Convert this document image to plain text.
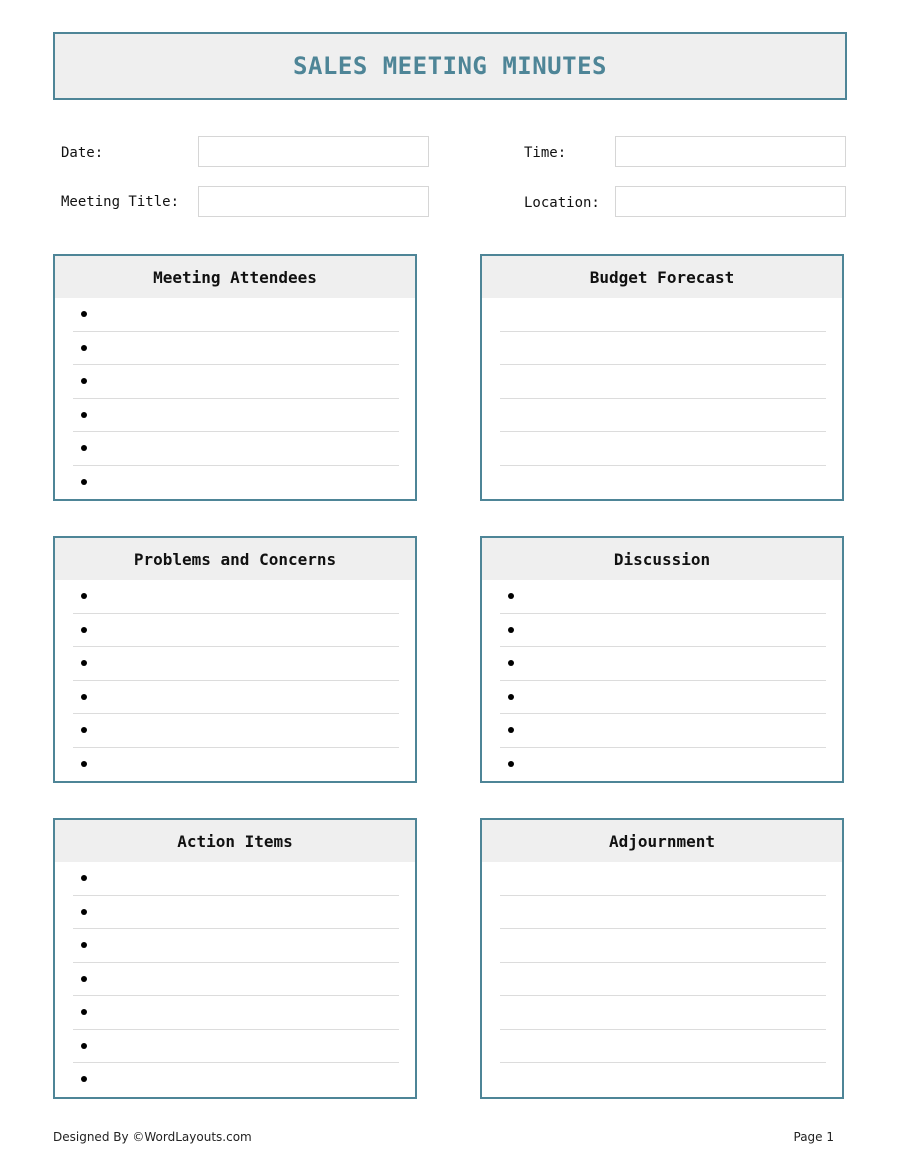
SALES MEETING MINUTES
Date:	Time:
Meeting Title:	Location:
Meeting Attendees	Budget Forecast
Problems and Concerns	Discussion
Action Items	Adjournment
Designed By ©WordLayouts.com	Page 1
